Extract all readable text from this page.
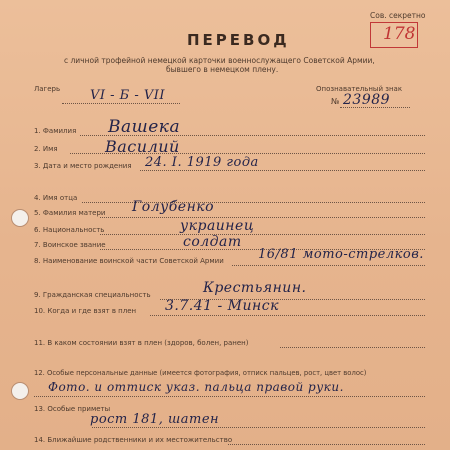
Сов. секретно
178
ПЕРЕВОД
с личной трофейной немецкой карточки военнослужащего Советской Армии,
бывшего в немецком плену.
Лагерь VI - Б - VII	Опознавательный знак
№ 23989
1. Фамилия Вашека
2. Имя	Василий
3. Дата и место рождения 24. I. 1919 года
4. Имя отца
5. Фамилия матери Голубенко
6. Национальность	украинец
7. Воинское звание	солдат
8. Наименование воинской части Советской Армии	16/81 мото-стрелков.
9. Гражданская специальность	Крестьянин.
10. Когда и где взят в плен 3.7.41 - Минск
11. В каком состоянии взят в плен (здоров, болен, ранен)
12. Особые персональные данные (имеется фотография, отписк пальцев, рост, цвет волос)
Фото. и оттиск указ. пальца правой руки.
13. Особые приметы
рост 181, шатен
14. Ближайшие родственники и их местожительство
